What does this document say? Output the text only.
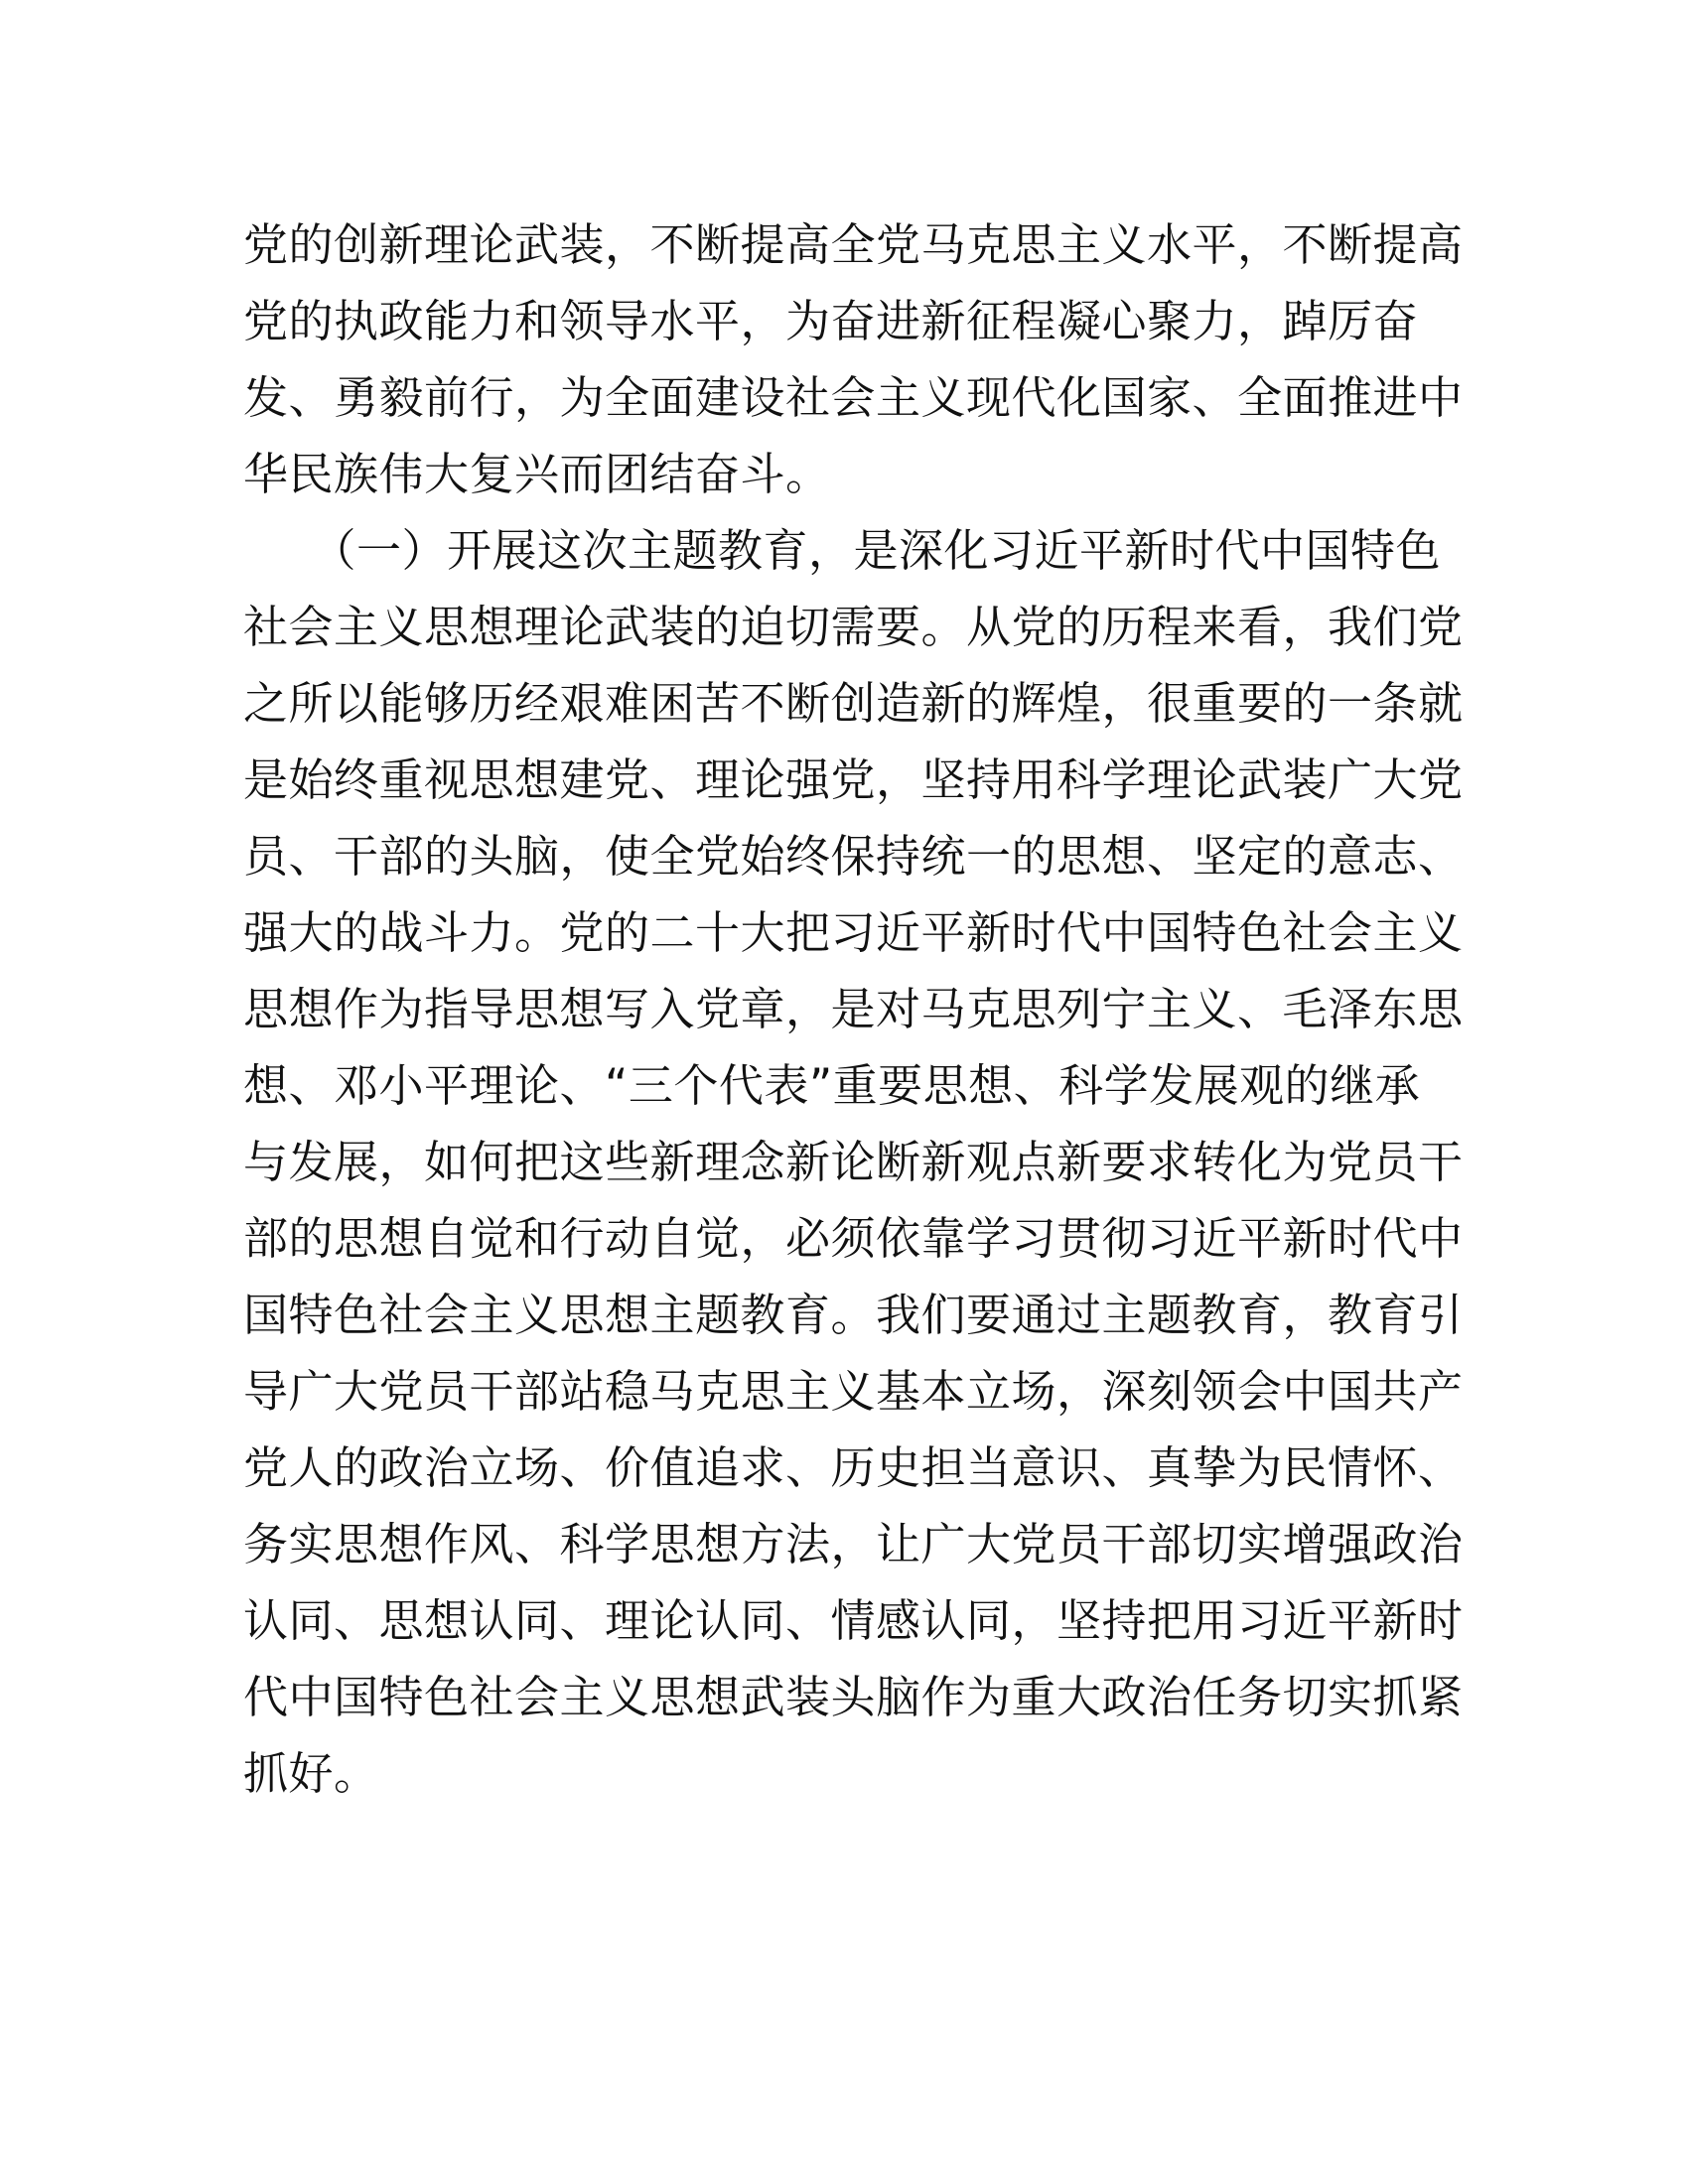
党的创新理论武装，不断提高全党马克思主义水平，不断提高
党的执政能力和领导水平，为奋进新征程凝心聚力，踔厉奋
发、勇毅前行，为全面建设社会主义现代化国家、全面推进中
华民族伟大复兴而团结奋斗。

　　（一）开展这次主题教育，是深化习近平新时代中国特色
社会主义思想理论武装的迫切需要。从党的历程来看，我们党
之所以能够历经艰难困苦不断创造新的辉煌，很重要的一条就
是始终重视思想建党、理论强党，坚持用科学理论武装广大党
员、干部的头脑，使全党始终保持统一的思想、坚定的意志、
强大的战斗力。党的二十大把习近平新时代中国特色社会主义
思想作为指导思想写入党章，是对马克思列宁主义、毛泽东思
想、邓小平理论、“三个代表”重要思想、科学发展观的继承
与发展，如何把这些新理念新论断新观点新要求转化为党员干
部的思想自觉和行动自觉，必须依靠学习贯彻习近平新时代中
国特色社会主义思想主题教育。我们要通过主题教育，教育引
导广大党员干部站稳马克思主义基本立场，深刻领会中国共产
党人的政治立场、价值追求、历史担当意识、真挚为民情怀、
务实思想作风、科学思想方法，让广大党员干部切实增强政治
认同、思想认同、理论认同、情感认同，坚持把用习近平新时
代中国特色社会主义思想武装头脑作为重大政治任务切实抓紧
抓好。
